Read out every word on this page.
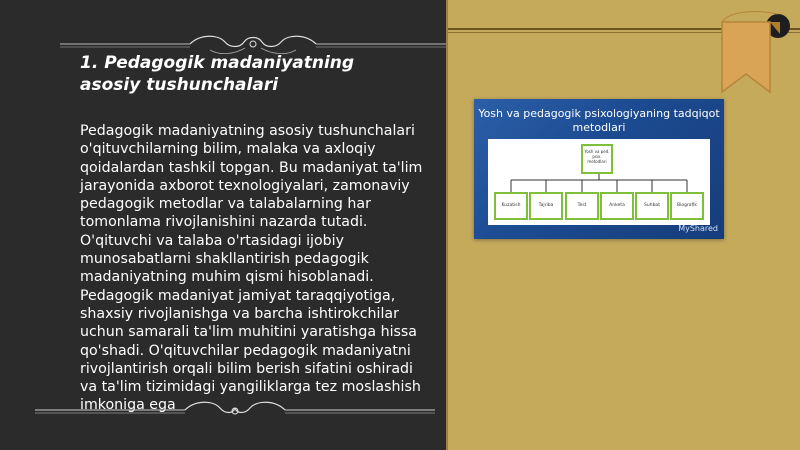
1. Pedagogik madaniyatning asosiy tushunchalari

Pedagogik madaniyatning asosiy tushunchalari o'qituvchilarning bilim, malaka va axloqiy qoidalardan tashkil topgan. Bu madaniyat ta'lim jarayonida axborot texnologiyalari, zamonaviy pedagogik metodlar va talabalarning har tomonlama rivojlanishini nazarda tutadi. O'qituvchi va talaba o'rtasidagi ijobiy munosabatlarni shakllantirish pedagogik madaniyatning muhim qismi hisoblanadi. Pedagogik madaniyat jamiyat taraqqiyotiga, shaxsiy rivojlanishga va barcha ishtirokchilar uchun samarali ta'lim muhitini yaratishga hissa qo'shadi. O'qituvchilar pedagogik madaniyatni rivojlantirish orqali bilim berish sifatini oshiradi va ta'lim tizimidagi yangiliklarga tez moslashish imkoniga ega

Yosh va pedagogik psixologiyaning tadqiqot metodlari
Yosh va ped. psix. metodlari
Kuzatish	Tajriba	Test	Anketa	Suhbat	Biografik
MyShared
